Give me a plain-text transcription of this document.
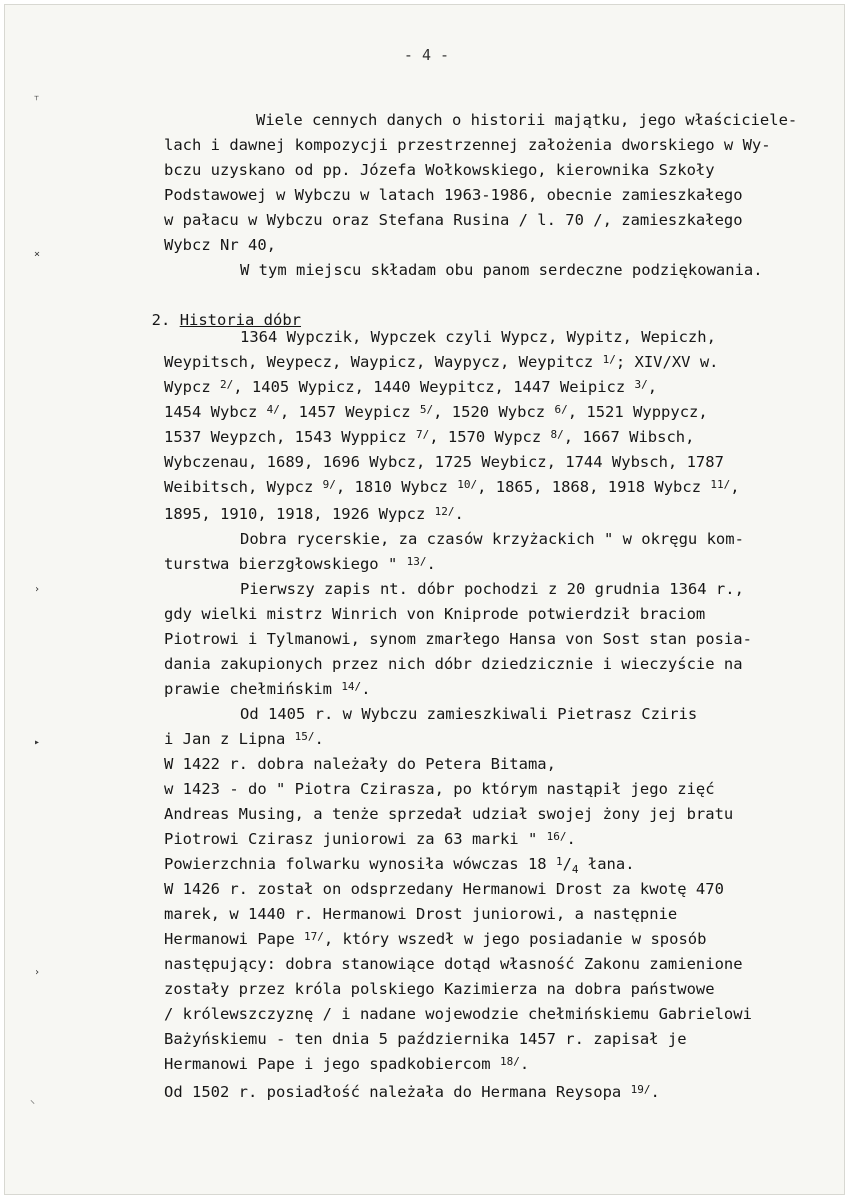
- 4 -
⸆
×
›
▸
›
⸜
Wiele cennych danych o historii majątku, jego właściciele-
lach i dawnej kompozycji przestrzennej założenia dworskiego w Wy-
bczu uzyskano od pp. Józefa Wołkowskiego, kierownika Szkoły
Podstawowej w Wybczu w latach 1963-1986, obecnie zamieszkałego
w pałacu w Wybczu oraz Stefana Rusina / l. 70 /, zamieszkałego
Wybcz Nr 40,
W tym miejscu składam obu panom serdeczne podziękowania.

2. Historia dóbr

1364 Wypczik, Wypczek czyli Wypcz, Wypitz, Wepiczh,
Weypitsch, Weypecz, Waypicz, Waypycz, Weypitcz $^{1/}$; XIV/XV w.
Wypcz $^{2/}$, 1405 Wypicz, 1440 Weypitcz, 1447 Weipicz $^{3/}$,
1454 Wybcz $^{4/}$, 1457 Weypicz $^{5/}$, 1520 Wybcz $^{6/}$, 1521 Wyppycz,
1537 Weypzch, 1543 Wyppicz $^{7/}$, 1570 Wypcz $^{8/}$, 1667 Wibsch,
Wybczenau, 1689, 1696 Wybcz, 1725 Weybicz, 1744 Wybsch, 1787
Weibitsch, Wypcz $^{9/}$, 1810 Wybcz $^{10/}$, 1865, 1868, 1918 Wybcz $^{11/}$,
1895, 1910, 1918, 1926 Wypcz $^{12/}$.
Dobra rycerskie, za czasów krzyżackich " w okręgu kom-
turstwa bierzgłowskiego " $^{13/}$.
Pierwszy zapis nt. dóbr pochodzi z 20 grudnia 1364 r.,
gdy wielki mistrz Winrich von Kniprode potwierdził braciom
Piotrowi i Tylmanowi, synom zmarłego Hansa von Sost stan posia-
dania zakupionych przez nich dóbr dziedzicznie i wieczyście na
prawie chełmińskim $^{14/}$.
Od 1405 r. w Wybczu zamieszkiwali Pietrasz Cziris
i Jan z Lipna $^{15/}$.
W 1422 r. dobra należały do Petera Bitama,
w 1423 - do " Piotra Czirasza, po którym nastąpił jego zięć
Andreas Musing, a tenże sprzedał udział swojej żony jej bratu
Piotrowi Czirasz juniorowi za 63 marki " $^{16/}$.
Powierzchnia folwarku wynosiła wówczas 18 $^1/_4$ łana.
W 1426 r. został on odsprzedany Hermanowi Drost za kwotę 470
marek, w 1440 r. Hermanowi Drost juniorowi, a następnie
Hermanowi Pape $^{17/}$, który wszedł w jego posiadanie w sposób
następujący: dobra stanowiące dotąd własność Zakonu zamienione
zostały przez króla polskiego Kazimierza na dobra państwowe
/ królewszczyznę / i nadane wojewodzie chełmińskiemu Gabrielowi
Bażyńskiemu - ten dnia 5 października 1457 r. zapisał je
Hermanowi Pape i jego spadkobiercom $^{18/}$.
Od 1502 r. posiadłość należała do Hermana Reysopa $^{19/}$.
